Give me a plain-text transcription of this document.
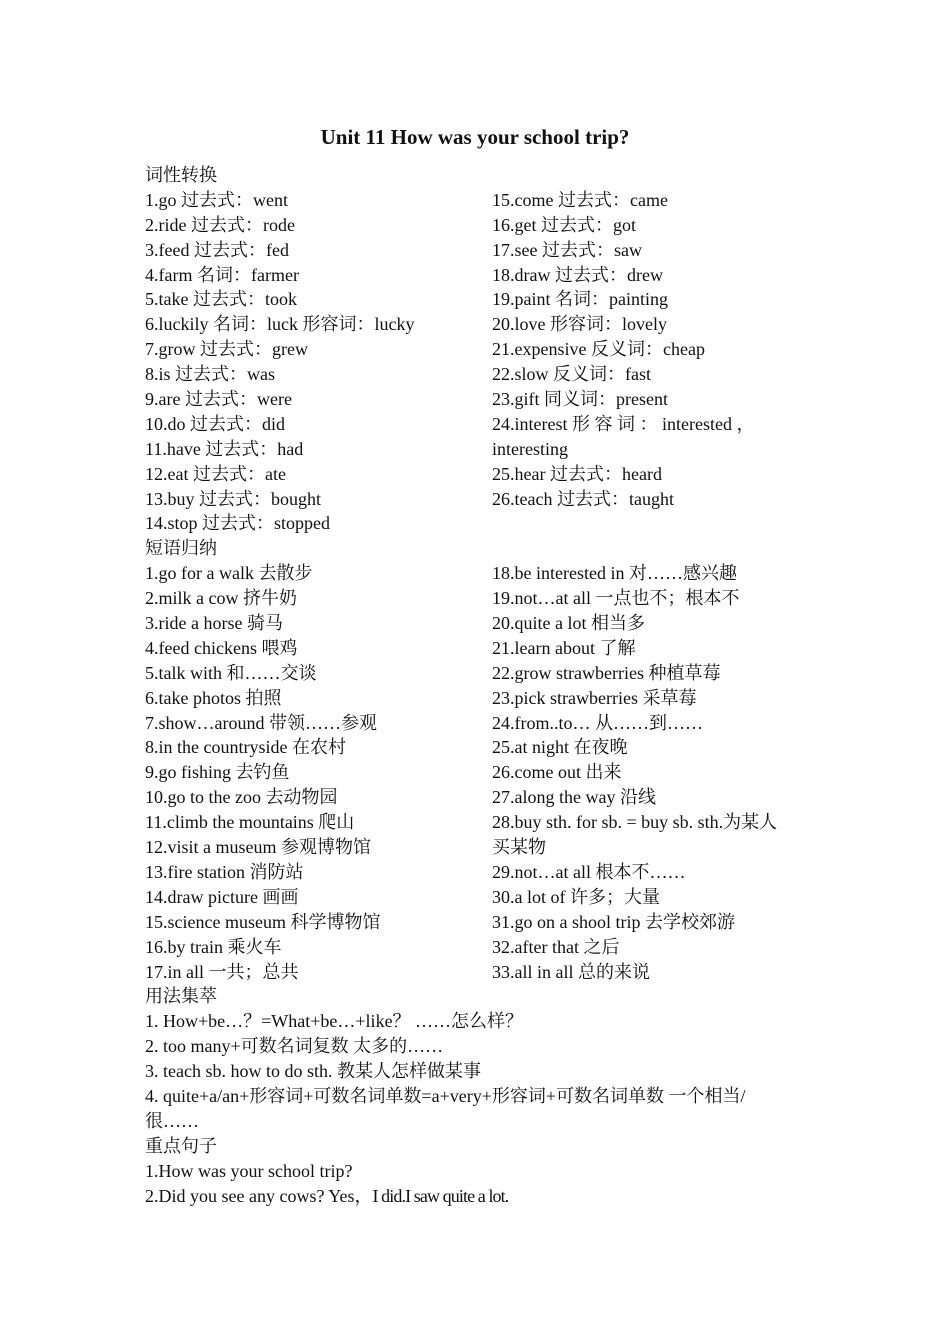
Unit 11 How was your school trip?
词性转换
1.go 过去式：went
2.ride 过去式：rode
3.feed 过去式：fed
4.farm 名词：farmer
5.take 过去式：took
6.luckily 名词：luck 形容词：lucky
7.grow 过去式：grew
8.is 过去式：was
9.are 过去式：were
10.do 过去式：did
11.have 过去式：had
12.eat 过去式：ate
13.buy 过去式：bought
14.stop 过去式：stopped
15.come 过去式：came
16.get 过去式：got
17.see 过去式：saw
18.draw 过去式：drew
19.paint 名词：painting
20.love 形容词：lovely
21.expensive 反义词：cheap
22.slow 反义词：fast
23.gift 同义词：present
24.interest 形 容 词 ： interested ，
interesting
25.hear 过去式：heard
26.teach 过去式：taught
短语归纳
1.go for a walk 去散步
2.milk a cow 挤牛奶
3.ride a horse 骑马
4.feed chickens 喂鸡
5.talk with 和……交谈
6.take photos 拍照
7.show…around 带领……参观
8.in the countryside 在农村
9.go fishing 去钓鱼
10.go to the zoo 去动物园
11.climb the mountains 爬山
12.visit a museum 参观博物馆
13.fire station 消防站
14.draw picture 画画
15.science museum 科学博物馆
16.by train 乘火车
17.in all 一共；总共
18.be interested in 对……感兴趣
19.not…at all 一点也不；根本不
20.quite a lot 相当多
21.learn about 了解
22.grow strawberries 种植草莓
23.pick strawberries 采草莓
24.from..to… 从……到……
25.at night 在夜晚
26.come out 出来
27.along the way 沿线
28.buy sth. for sb. = buy sb. sth.为某人
买某物
29.not…at all 根本不……
30.a lot of 许多；大量
31.go on a shool trip 去学校郊游
32.after that 之后
33.all in all 总的来说
用法集萃
1. How+be…？=What+be…+like？ ……怎么样？
2. too many+可数名词复数 太多的……
3. teach sb. how to do sth. 教某人怎样做某事
4. quite+a/an+形容词+可数名词单数=a+very+形容词+可数名词单数 一个相当/
很……
重点句子
1.How was your school trip?
2.Did you see any cows? Yes，I did.I saw quite a lot.
